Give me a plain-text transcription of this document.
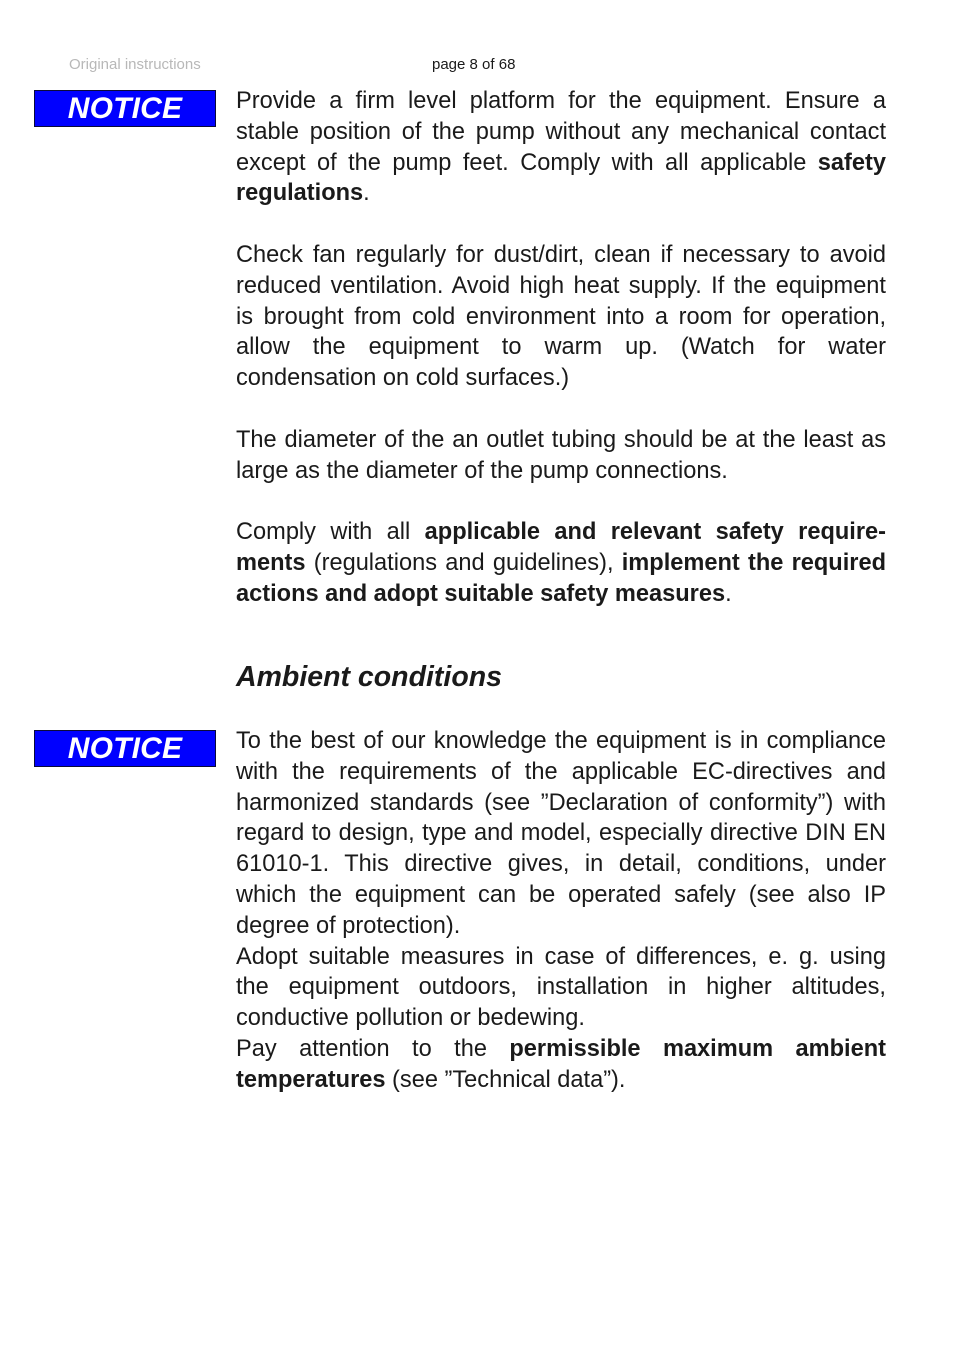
Original instructions	page 8 of 68
NOTICE	Provide a firm level platform for the equipment. Ensure a stable position of the pump without any mechanical contact except of the pump feet. Comply with all applicable safety regulations.

Check fan regularly for dust/dirt, clean if necessary to avoid reduced ventilation. Avoid high heat supply. If the equipment is brought from cold environment into a room for operation, allow the equipment to warm up. (Watch for water condensation on cold surfaces.)

The diameter of the an outlet tubing should be at the least as large as the diameter of the pump connections.

Comply with all applicable and relevant safety requirements (regulations and guidelines), implement the required actions and adopt suitable safety measures.

Ambient conditions
NOTICE	To the best of our knowledge the equipment is in compliance with the requirements of the applicable EC-directives and harmonized standards (see ”Declaration of conformity”) with regard to design, type and model, especially directive DIN EN 61010-1. This directive gives, in detail, conditions, under which the equipment can be operated safely (see also IP degree of protection).

Adopt suitable measures in case of differences, e. g. using the equipment outdoors, installation in higher altitudes, conductive pollution or bedewing.

Pay attention to the permissible maximum ambient temperatures (see ”Technical data”).
